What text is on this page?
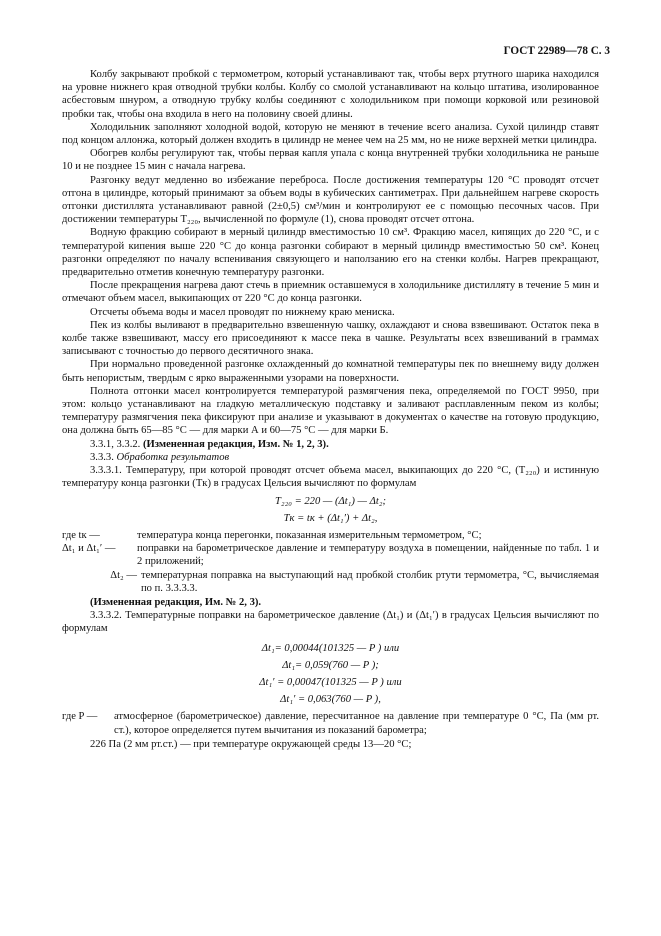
ГОСТ 22989—78 С. 3

Колбу закрывают пробкой с термометром, который устанавливают так, чтобы верх ртутного шарика находился на уровне нижнего края отводной трубки колбы. Колбу со смолой устанавливают на кольцо штатива, изолированное асбестовым шнуром, а отводную трубку колбы соединяют с холодильником при помощи корковой или резиновой пробки так, чтобы она входила в него на половину своей длины.

Холодильник заполняют холодной водой, которую не меняют в течение всего анализа. Сухой цилиндр ставят под концом аллонжа, который должен входить в цилиндр не менее чем на 25 мм, но не ниже верхней метки цилиндра.

Обогрев колбы регулируют так, чтобы первая капля упала с конца внутренней трубки холодильника не раньше 10 и не позднее 15 мин с начала нагрева.

Разгонку ведут медленно во избежание переброса. После достижения температуры 120 °С проводят отсчет отгона в цилиндре, который принимают за объем воды в кубических сантиметрах. При дальнейшем нагреве скорость отгонки дистиллята устанавливают равной (2±0,5) см³/мин и контролируют ее с помощью песочных часов. При достижении температуры T₂₂₀, вычисленной по формуле (1), снова проводят отсчет отгона.

Водную фракцию собирают в мерный цилиндр вместимостью 10 см³. Фракцию масел, кипящих до 220 °С, и с температурой кипения выше 220 °С до конца разгонки собирают в мерный цилиндр вместимостью 50 см³. Конец разгонки определяют по началу вспенивания связующего и наползанию его на стенки колбы. Нагрев прекращают, предварительно отметив конечную температуру разгонки.

После прекращения нагрева дают стечь в приемник оставшемуся в холодильнике дистилляту в течение 5 мин и отмечают объем масел, выкипающих от 220 °С до конца разгонки.

Отсчеты объема воды и масел проводят по нижнему краю мениска.

Пек из колбы выливают в предварительно взвешенную чашку, охлаждают и снова взвешивают. Остаток пека в колбе также взвешивают, массу его присоединяют к массе пека в чашке. Результаты всех взвешиваний в граммах записывают с точностью до первого десятичного знака.

При нормально проведенной разгонке охлажденный до комнатной температуры пек по внешнему виду должен быть непористым, твердым с ярко выраженными узорами на поверхности.

Полнота отгонки масел контролируется температурой размягчения пека, определяемой по ГОСТ 9950, при этом: кольцо устанавливают на гладкую металлическую подставку и заливают расплавленным пеком из колбы; температуру размягчения пека фиксируют при анализе и указывают в документах о качестве на готовую продукцию, она должна быть 65—85 °С — для марки А и 60—75 °С — для марки Б.

3.3.1, 3.3.2. (Измененная редакция, Изм. № 1, 2, 3).

3.3.3. Обработка результатов

3.3.3.1. Температуру, при которой проводят отсчет объема масел, выкипающих до 220 °С, (T₂₂₀) и истинную температуру конца разгонки (Tк) в градусах Цельсия вычисляют по формулам

T₂₂₀ = 220 — (Δt₁) — Δt₂;

Tк = tк + (Δt₁′) + Δt₂,

где tк —	температура конца перегонки, показанная измерительным термометром, °С;
Δt₁ и Δt₁′ —	поправки на барометрическое давление и температуру воздуха в помещении, найденные по табл. 1 и 2 приложений;
Δt₂ — температурная поправка на выступающий над пробкой столбик ртути термометра, °С, вычисляемая по п. 3.3.3.3.

(Измененная редакция, Им. № 2, 3).

3.3.3.2. Температурные поправки на барометрическое давление (Δt₁) и (Δt₁′) в градусах Цельсия вычисляют по формулам

Δt₁= 0,00044(101325 — P ) или

Δt₁= 0,059(760 — P );

Δt₁′ = 0,00047(101325 — P ) или

Δt₁′ = 0,063(760 — P ),

где P —	атмосферное (барометрическое) давление, пересчитанное на давление при температуре 0 °С, Па (мм рт. ст.), которое определяется путем вычитания из показаний барометра;

226 Па (2 мм рт.ст.) — при температуре окружающей среды 13—20 °С;
